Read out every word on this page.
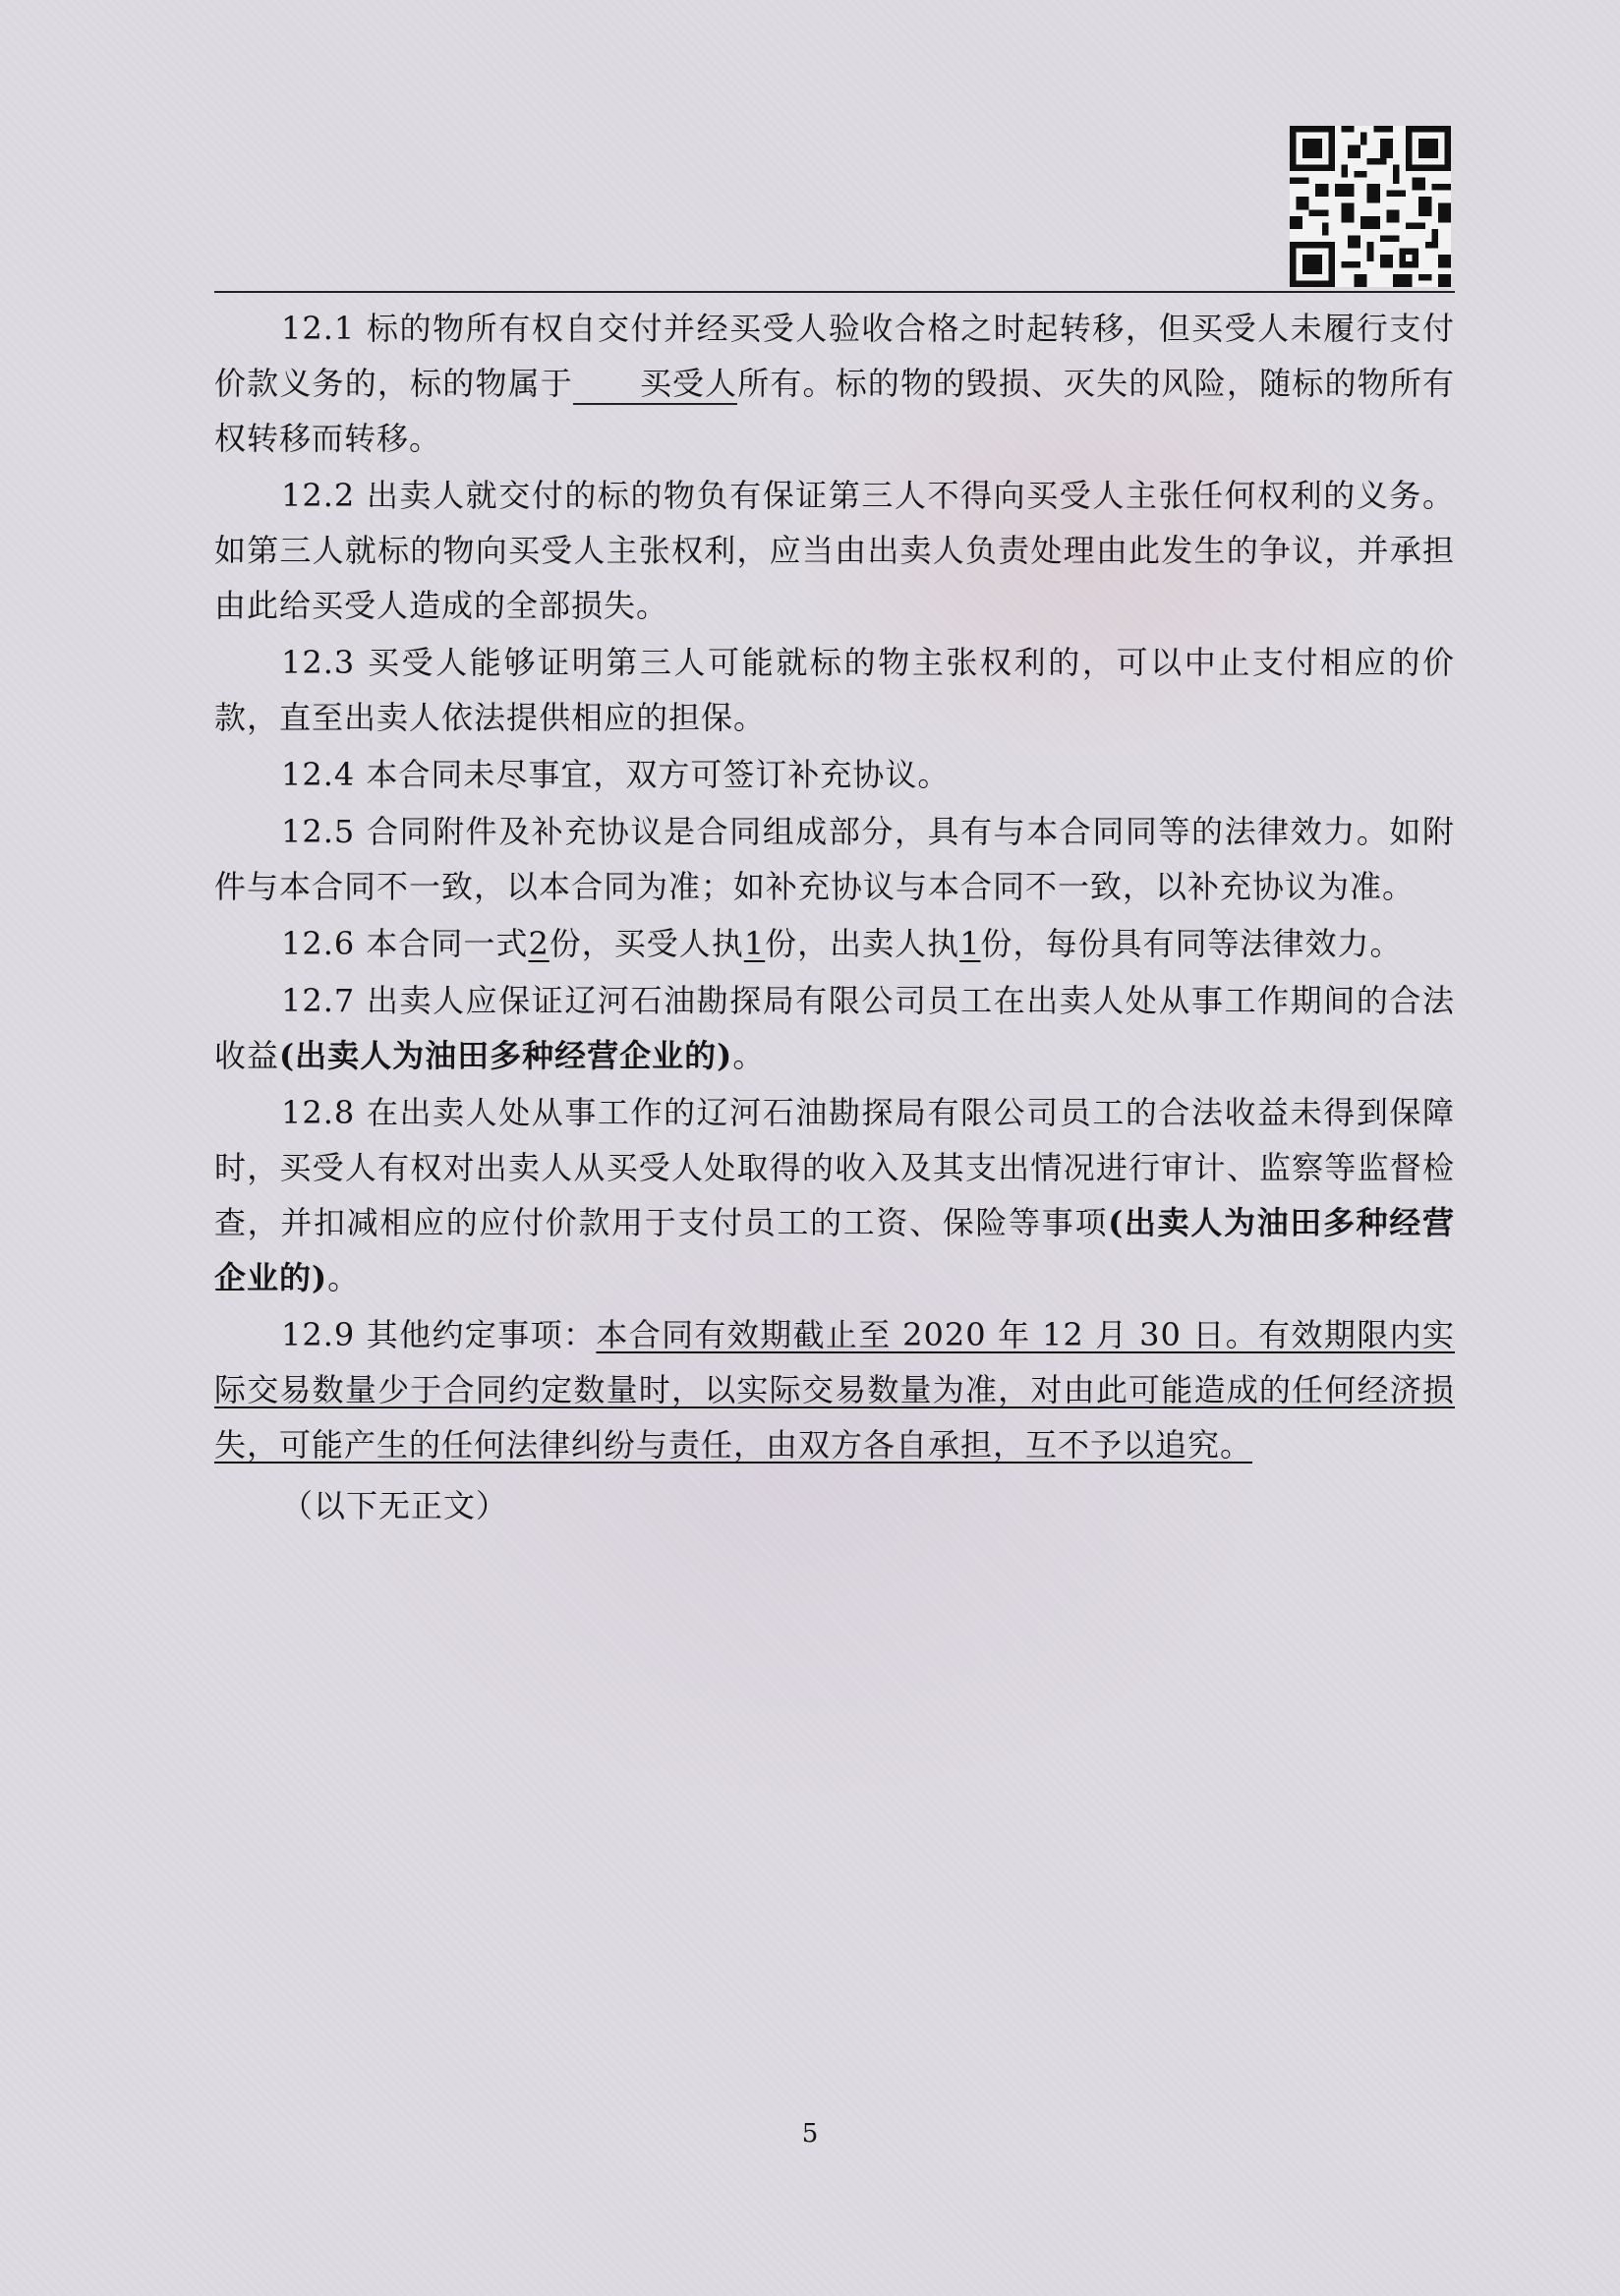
12.1 标的物所有权自交付并经买受人验收合格之时起转移，但买受人未履行支付价款义务的，标的物属于 买受人所有。标的物的毁损、灭失的风险，随标的物所有权转移而转移。

12.2 出卖人就交付的标的物负有保证第三人不得向买受人主张任何权利的义务。如第三人就标的物向买受人主张权利，应当由出卖人负责处理由此发生的争议，并承担由此给买受人造成的全部损失。

12.3 买受人能够证明第三人可能就标的物主张权利的，可以中止支付相应的价款，直至出卖人依法提供相应的担保。

12.4 本合同未尽事宜，双方可签订补充协议。

12.5 合同附件及补充协议是合同组成部分，具有与本合同同等的法律效力。如附件与本合同不一致，以本合同为准；如补充协议与本合同不一致，以补充协议为准。

12.6 本合同一式2份，买受人执1份，出卖人执1份，每份具有同等法律效力。

12.7 出卖人应保证辽河石油勘探局有限公司员工在出卖人处从事工作期间的合法收益(出卖人为油田多种经营企业的)。

12.8 在出卖人处从事工作的辽河石油勘探局有限公司员工的合法收益未得到保障时，买受人有权对出卖人从买受人处取得的收入及其支出情况进行审计、监察等监督检查，并扣减相应的应付价款用于支付员工的工资、保险等事项(出卖人为油田多种经营企业的)。

12.9 其他约定事项：本合同有效期截止至 2020 年 12 月 30 日。有效期限内实际交易数量少于合同约定数量时，以实际交易数量为准，对由此可能造成的任何经济损失，可能产生的任何法律纠纷与责任，由双方各自承担，互不予以追究。

（以下无正文）

5
